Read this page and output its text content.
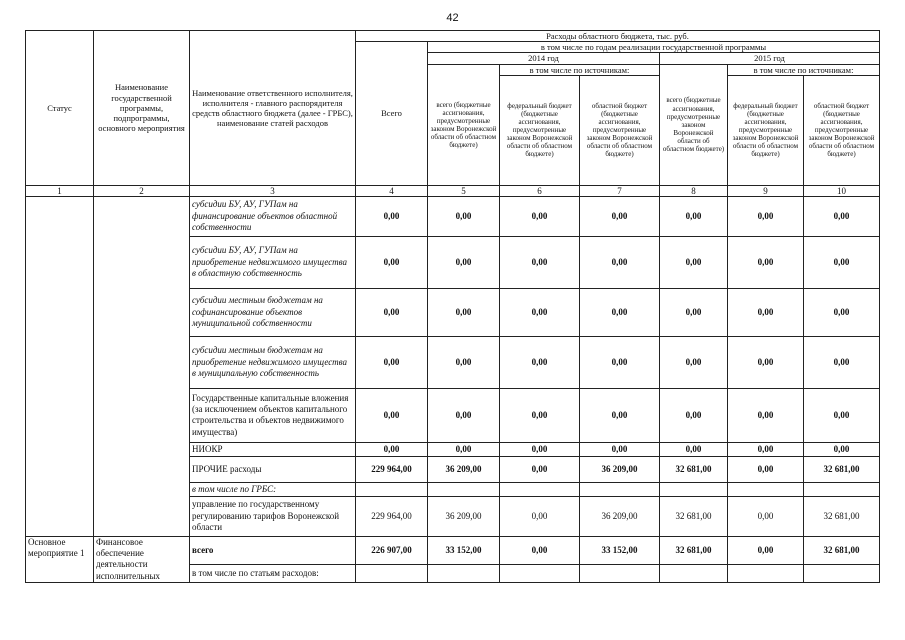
42
Статус	Наименование государственной программы, подпрограммы, основного мероприятия	Наименование ответственного исполнителя, исполнителя - главного распорядителя средств областного бюджета (далее - ГРБС), наименование статей расходов	Расходы областного бюджета, тыс. руб.						
			Всего	в том числе по годам реализации государственной программы					
				2014 год			2015 год		
				всего (бюджетные ассигнования, предусмотренные законом Воронежской области об областном бюджете)	в том числе по источникам:		всего (бюджетные ассигнования, предусмотренные законом Воронежской области об областном бюджете)	в том числе по источникам:	
					федеральный бюджет (бюджетные ассигнования, предусмотренные законом Воронежской области об областном бюджете)	областной бюджет (бюджетные ассигнования, предусмотренные законом Воронежской области об областном бюджете)		федеральный бюджет (бюджетные ассигнования, предусмотренные законом Воронежской области об областном бюджете)	областной бюджет (бюджетные ассигнования, предусмотренные законом Воронежской области об областном бюджете)
1	2	3	4	5	6	7	8	9	10
		субсидии БУ, АУ, ГУПам на финансирование объектов областной собственности	0,00	0,00	0,00	0,00	0,00	0,00	0,00
		субсидии БУ, АУ, ГУПам на приобретение недвижимого имущества в областную собственность	0,00	0,00	0,00	0,00	0,00	0,00	0,00
		субсидии местным бюджетам на софинансирование объектов муниципальной собственности	0,00	0,00	0,00	0,00	0,00	0,00	0,00
		субсидии местным бюджетам на приобретение недвижимого имущества в муниципальную собственность	0,00	0,00	0,00	0,00	0,00	0,00	0,00
		Государственные капитальные вложения (за исключением объектов капитального строительства и объектов недвижимого имущества)	0,00	0,00	0,00	0,00	0,00	0,00	0,00
		НИОКР	0,00	0,00	0,00	0,00	0,00	0,00	0,00
		ПРОЧИЕ расходы	229 964,00	36 209,00	0,00	36 209,00	32 681,00	0,00	32 681,00
		в том числе по ГРБС:							
		управление по государственному регулированию тарифов Воронежской области	229 964,00	36 209,00	0,00	36 209,00	32 681,00	0,00	32 681,00
Основное мероприятие 1	Финансовое обеспечение деятельности исполнительных	всего	226 907,00	33 152,00	0,00	33 152,00	32 681,00	0,00	32 681,00
		в том числе по статьям расходов:							
